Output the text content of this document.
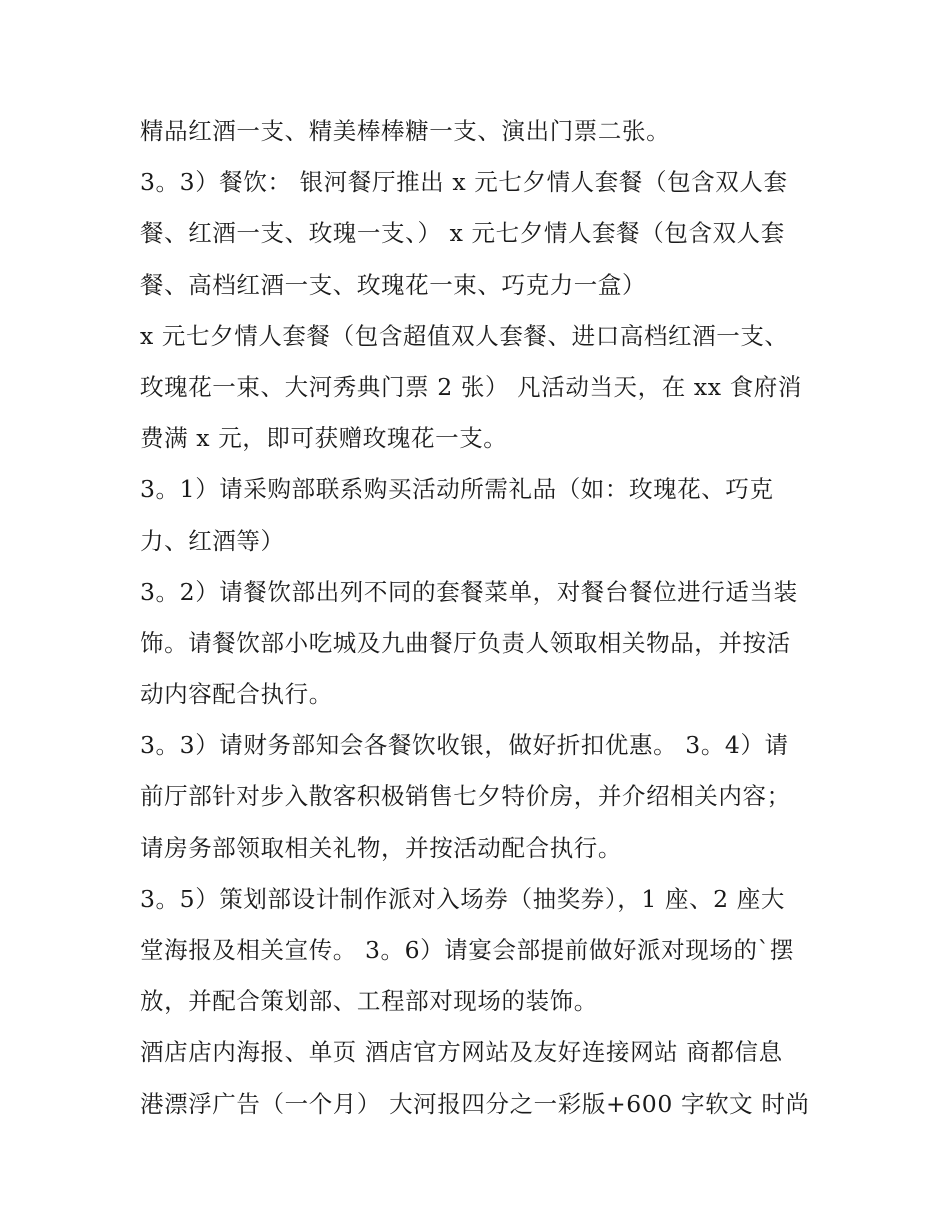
精品红酒一支、精美棒棒糖一支、演出门票二张。
3。3）餐饮： 银河餐厅推出 x 元七夕情人套餐（包含双人套
餐、红酒一支、玫瑰一支、） x 元七夕情人套餐（包含双人套
餐、高档红酒一支、玫瑰花一束、巧克力一盒）
x 元七夕情人套餐（包含超值双人套餐、进口高档红酒一支、
玫瑰花一束、大河秀典门票 2 张） 凡活动当天，在 xx 食府消
费满 x 元，即可获赠玫瑰花一支。
3。1）请采购部联系购买活动所需礼品（如：玫瑰花、巧克
力、红酒等）
3。2）请餐饮部出列不同的套餐菜单，对餐台餐位进行适当装
饰。请餐饮部小吃城及九曲餐厅负责人领取相关物品，并按活
动内容配合执行。
3。3）请财务部知会各餐饮收银，做好折扣优惠。 3。4）请
前厅部针对步入散客积极销售七夕特价房，并介绍相关内容；
请房务部领取相关礼物，并按活动配合执行。
3。5）策划部设计制作派对入场券（抽奖券），1 座、2 座大
堂海报及相关宣传。 3。6）请宴会部提前做好派对现场的`摆
放，并配合策划部、工程部对现场的装饰。
酒店店内海报、单页 酒店官方网站及友好连接网站 商都信息
港漂浮广告（一个月） 大河报四分之一彩版+600 字软文 时尚
